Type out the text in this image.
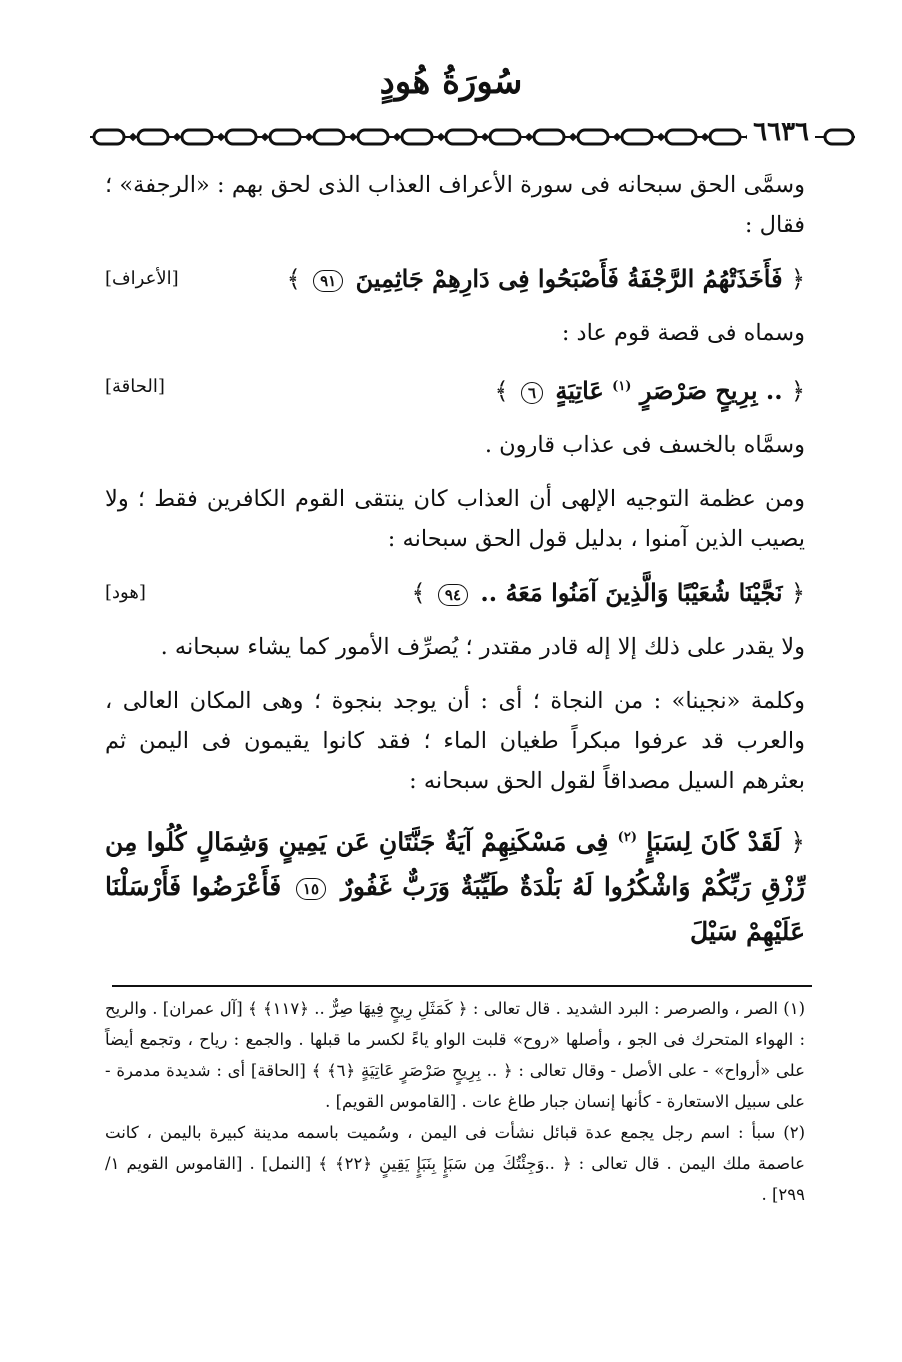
سُورَةُ هُودٍ
٦٦٣٦

وسمَّى الحق سبحانه فى سورة الأعراف العذاب الذى لحق بهم : «الرجفة» ؛ فقال :

﴿ فَأَخَذَتْهُمُ الرَّجْفَةُ فَأَصْبَحُوا فِى دَارِهِمْ جَاثِمِينَ ٩١ ﴾
[الأعراف]

وسماه فى قصة قوم عاد :

﴿ .. بِرِيحٍ صَرْصَرٍ $^{(١)}$ عَاتِيَةٍ ٦ ﴾
[الحاقة]

وسمَّاه بالخسف فى عذاب قارون .

ومن عظمة التوجيه الإلهى أن العذاب كان ينتقى القوم الكافرين فقط ؛ ولا يصيب الذين آمنوا ، بدليل قول الحق سبحانه :

﴿ نَجَّيْنَا شُعَيْبًا وَالَّذِينَ آمَنُوا مَعَهُ .. ٩٤ ﴾
[هود]

ولا يقدر على ذلك إلا إله قادر مقتدر ؛ يُصرِّف الأمور كما يشاء سبحانه .

وكلمة «نجينا» : من النجاة ؛ أى : أن يوجد بنجوة ؛ وهى المكان العالى ، والعرب قد عرفوا مبكراً طغيان الماء ؛ فقد كانوا يقيمون فى اليمن ثم بعثرهم السيل مصداقاً لقول الحق سبحانه :

﴿ لَقَدْ كَانَ لِسَبَإٍ $^{(٢)}$ فِى مَسْكَنِهِمْ آيَةٌ جَنَّتَانِ عَن يَمِينٍ وَشِمَالٍ كُلُوا مِن رِّزْقِ رَبِّكُمْ وَاشْكُرُوا لَهُ بَلْدَةٌ طَيِّبَةٌ وَرَبٌّ غَفُورٌ ١٥ فَأَعْرَضُوا فَأَرْسَلْنَا عَلَيْهِمْ سَيْلَ

(١) الصر ، والصرصر : البرد الشديد . قال تعالى : ﴿ كَمَثَلِ رِيحٍ فِيهَا صِرٌّ .. ﴿١١٧﴾ ﴾ [آل عمران] . والريح : الهواء المتحرك فى الجو ، وأصلها «روح» قلبت الواو ياءً لكسر ما قبلها . والجمع : رياح ، وتجمع أيضاً على «أرواح» - على الأصل - وقال تعالى : ﴿ .. بِرِيحٍ صَرْصَرٍ عَاتِيَةٍ ﴿٦﴾ ﴾ [الحاقة] أى : شديدة مدمرة - على سبيل الاستعارة - كأنها إنسان جبار طاغ عات . [القاموس القويم] .

(٢) سبأ : اسم رجل يجمع عدة قبائل نشأت فى اليمن ، وسُميت باسمه مدينة كبيرة باليمن ، كانت عاصمة ملك اليمن . قال تعالى : ﴿ ..وَجِئْتُكَ مِن سَبَإٍ بِنَبَإٍ يَقِينٍ ﴿٢٢﴾ ﴾ [النمل] . [القاموس القويم ١/ ٢٩٩] .
